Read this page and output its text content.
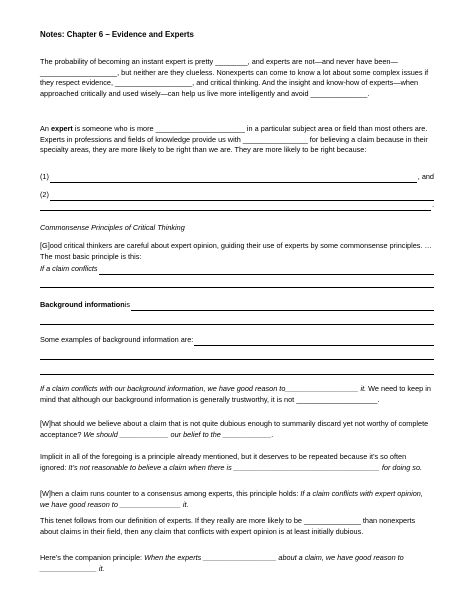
Notes: Chapter 6 – Evidence and Experts

The probability of becoming an instant expert is pretty ________, and experts are not—and never have been—___________________, but neither are they clueless. Nonexperts can come to know a lot about some complex issues if they respect evidence, ___________________, and critical thinking. And the insight and know-how of experts—when approached critically and used wisely—can help us live more intelligently and avoid ______________.

An expert is someone who is more ______________________ in a particular subject area or field than most others are. Experts in professions and fields of knowledge provide us with ________________ for believing a claim because in their specialty areas, they are more likely to be right than we are. They are more likely to be right because:

(1)	, and
(2)
.

Commonsense Principles of Critical Thinking

[G]ood critical thinkers are careful about expert opinion, guiding their use of experts by some commonsense principles. … The most basic principle is this:

If a claim conflicts
Background information is
Some examples of background information are:

If a claim conflicts with our background information, we have good reason to__________________ it. We need to keep in mind that although our background information is generally trustworthy, it is not ____________________.

[W]hat should we believe about a claim that is not quite dubious enough to summarily discard yet not worthy of complete acceptance? We should ____________ our belief to the ____________.

Implicit in all of the foregoing is a principle already mentioned, but it deserves to be repeated because it’s so often ignored: It’s not reasonable to believe a claim when there is ____________________________________ for doing so.

[W]hen a claim runs counter to a consensus among experts, this principle holds: If a claim conflicts with expert opinion, we have good reason to _______________ it.

This tenet follows from our definition of experts. If they really are more likely to be ______________ than nonexperts about claims in their field, then any claim that conflicts with expert opinion is at least initially dubious.

Here’s the companion principle: When the experts __________________ about a claim, we have good reason to ______________ it.
